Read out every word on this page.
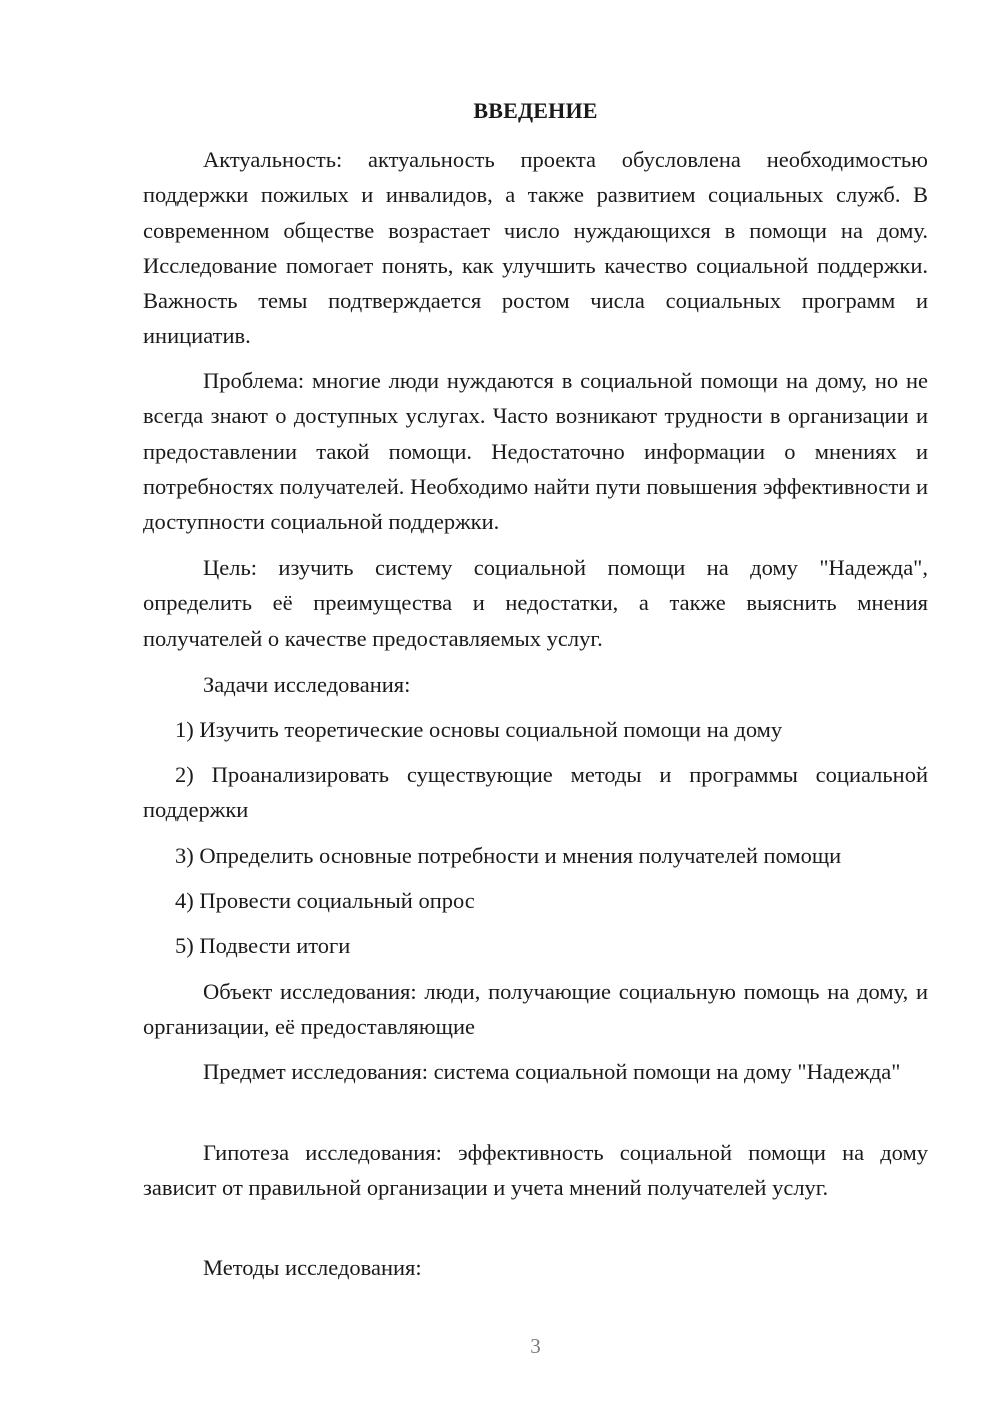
ВВЕДЕНИЕ

Актуальность: актуальность проекта обусловлена необходимостью поддержки пожилых и инвалидов, а также развитием социальных служб. В современном обществе возрастает число нуждающихся в помощи на дому. Исследование помогает понять, как улучшить качество социальной поддержки. Важность темы подтверждается ростом числа социальных программ и инициатив.

Проблема: многие люди нуждаются в социальной помощи на дому, но не всегда знают о доступных услугах. Часто возникают трудности в организации и предоставлении такой помощи. Недостаточно информации о мнениях и потребностях получателей. Необходимо найти пути повышения эффективности и доступности социальной поддержки.

Цель: изучить систему социальной помощи на дому "Надежда", определить её преимущества и недостатки, а также выяснить мнения получателей о качестве предоставляемых услуг.

Задачи исследования:

1) Изучить теоретические основы социальной помощи на дому

2) Проанализировать существующие методы и программы социальной поддержки

3) Определить основные потребности и мнения получателей помощи

4) Провести социальный опрос

5) Подвести итоги

Объект исследования: люди, получающие социальную помощь на дому, и организации, её предоставляющие

Предмет исследования: система социальной помощи на дому "Надежда"

Гипотеза исследования: эффективность социальной помощи на дому зависит от правильной организации и учета мнений получателей услуг.

Методы исследования:

3
